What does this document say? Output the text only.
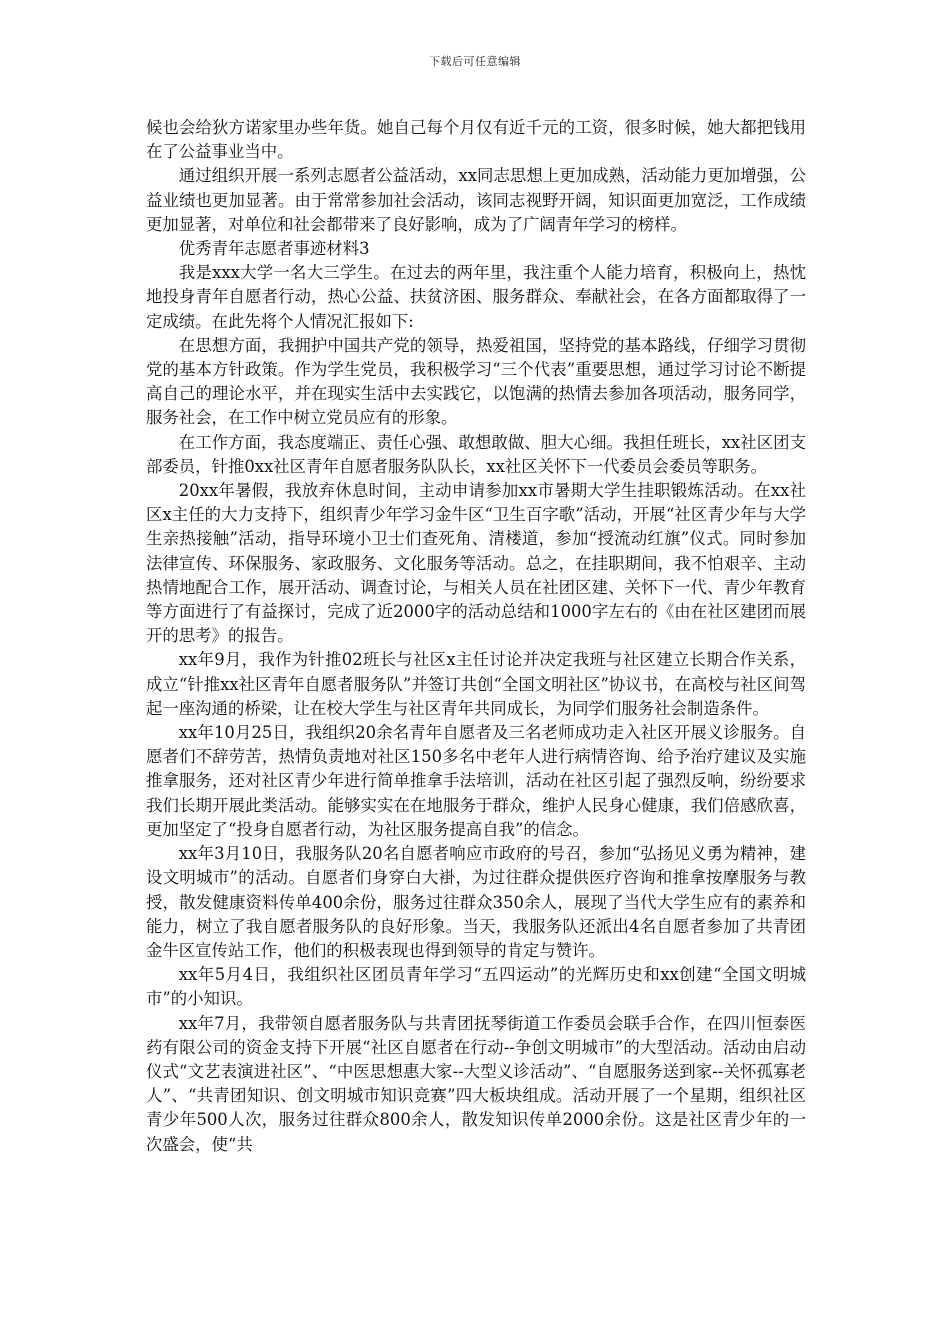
下载后可任意编辑

候也会给狄方诺家里办些年货。她自己每个月仅有近千元的工资，很多时候，她大都把钱用在了公益事业当中。

通过组织开展一系列志愿者公益活动，xx同志思想上更加成熟，活动能力更加增强，公益业绩也更加显著。由于常常参加社会活动，该同志视野开阔，知识面更加宽泛，工作成绩更加显著，对单位和社会都带来了良好影响，成为了广阔青年学习的榜样。

优秀青年志愿者事迹材料3

我是xxx大学一名大三学生。在过去的两年里，我注重个人能力培育，积极向上，热忱地投身青年自愿者行动，热心公益、扶贫济困、服务群众、奉献社会，在各方面都取得了一定成绩。在此先将个人情况汇报如下:

在思想方面，我拥护中国共产党的领导，热爱祖国，坚持党的基本路线，仔细学习贯彻党的基本方针政策。作为学生党员，我积极学习“三个代表”重要思想，通过学习讨论不断提高自己的理论水平，并在现实生活中去实践它，以饱满的热情去参加各项活动，服务同学，服务社会，在工作中树立党员应有的形象。

在工作方面，我态度端正、责任心强、敢想敢做、胆大心细。我担任班长，xx社区团支部委员，针推0xx社区青年自愿者服务队队长，xx社区关怀下一代委员会委员等职务。

20xx年暑假，我放弃休息时间，主动申请参加xx市暑期大学生挂职锻炼活动。在xx社区x主任的大力支持下，组织青少年学习金牛区“卫生百字歌”活动，开展“社区青少年与大学生亲热接触”活动，指导环境小卫士们查死角、清楼道，参加“授流动红旗”仪式。同时参加法律宣传、环保服务、家政服务、文化服务等活动。总之，在挂职期间，我不怕艰辛、主动热情地配合工作，展开活动、调查讨论，与相关人员在社团区建、关怀下一代、青少年教育等方面进行了有益探讨，完成了近2000字的活动总结和1000字左右的《由在社区建团而展开的思考》的报告。

xx年9月，我作为针推02班长与社区x主任讨论并决定我班与社区建立长期合作关系，成立“针推xx社区青年自愿者服务队”并签订共创“全国文明社区”协议书，在高校与社区间驾起一座沟通的桥梁，让在校大学生与社区青年共同成长，为同学们服务社会制造条件。

xx年10月25日，我组织20余名青年自愿者及三名老师成功走入社区开展义诊服务。自愿者们不辞劳苦，热情负责地对社区150多名中老年人进行病情咨询、给予治疗建议及实施推拿服务，还对社区青少年进行简单推拿手法培训，活动在社区引起了强烈反响，纷纷要求我们长期开展此类活动。能够实实在在地服务于群众，维护人民身心健康，我们倍感欣喜，更加坚定了“投身自愿者行动，为社区服务提高自我”的信念。

xx年3月10日，我服务队20名自愿者响应市政府的号召，参加“弘扬见义勇为精神，建设文明城市”的活动。自愿者们身穿白大褂，为过往群众提供医疗咨询和推拿按摩服务与教授，散发健康资料传单400余份，服务过往群众350余人，展现了当代大学生应有的素养和能力，树立了我自愿者服务队的良好形象。当天，我服务队还派出4名自愿者参加了共青团金牛区宣传站工作，他们的积极表现也得到领导的肯定与赞许。

xx年5月4日，我组织社区团员青年学习“五四运动”的光辉历史和xx创建“全国文明城市”的小知识。

xx年7月，我带领自愿者服务队与共青团抚琴街道工作委员会联手合作，在四川恒泰医药有限公司的资金支持下开展“社区自愿者在行动--争创文明城市”的大型活动。活动由启动仪式“文艺表演进社区”、“中医思想惠大家--大型义诊活动”、“自愿服务送到家--关怀孤寡老人”、“共青团知识、创文明城市知识竞赛”四大板块组成。活动开展了一个星期，组织社区青少年500人次，服务过往群众800余人，散发知识传单2000余份。这是社区青少年的一次盛会，使“共
